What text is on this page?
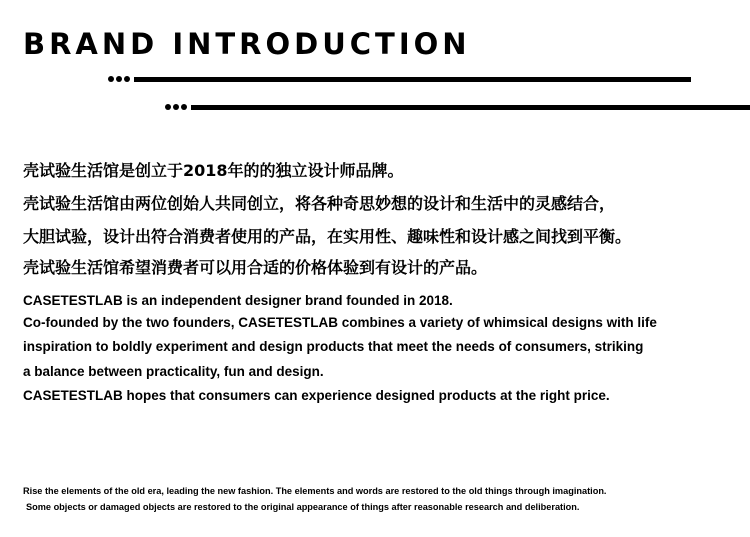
BRAND INTRODUCTION
壳试验生活馆是创立于2018年的的独立设计师品牌。
壳试验生活馆由两位创始人共同创立，将各种奇思妙想的设计和生活中的灵感结合，
大胆试验，设计出符合消费者使用的产品，在实用性、趣味性和设计感之间找到平衡。
壳试验生活馆希望消费者可以用合适的价格体验到有设计的产品。
CASETESTLAB is an independent designer brand founded in 2018.
Co-founded by the two founders, CASETESTLAB combines a variety of whimsical designs with life
inspiration to boldly experiment and design products that meet the needs of consumers, striking
a balance between practicality, fun and design.
CASETESTLAB hopes that consumers can experience designed products at the right price.
Rise the elements of the old era, leading the new fashion. The elements and words are restored to the old things through imagination.
Some objects or damaged objects are restored to the original appearance of things after reasonable research and deliberation.
